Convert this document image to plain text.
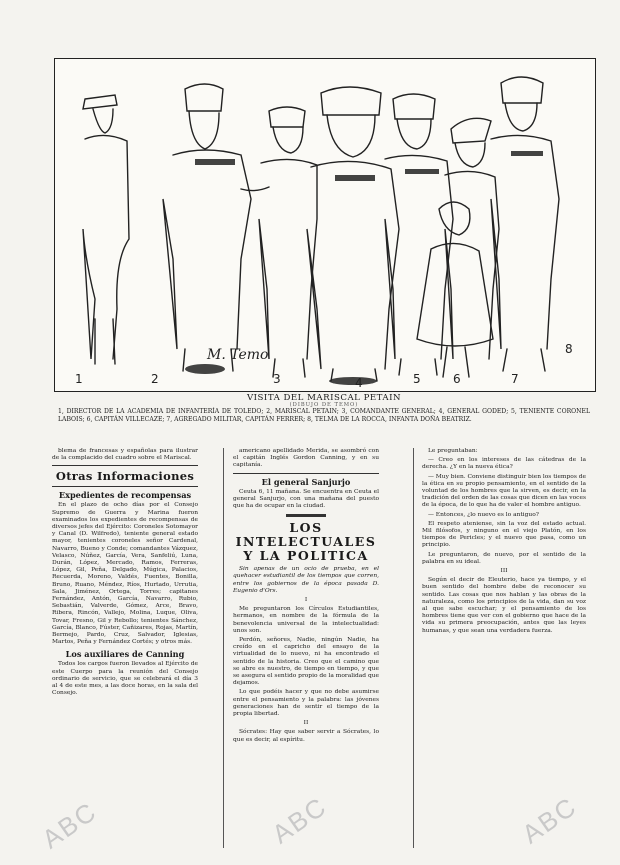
ABC	ABC	ABC
M. Temo
1	2	3	4	5	6	7
8
VISITA DEL MARISCAL PETAIN
(DIBUJO DE TEMO)
1, DIRECTOR DE LA ACADEMIA DE INFANTERÍA DE TOLEDO; 2, MARISCAL PETAIN; 3, COMANDANTE GENERAL; 4, GENERAL GODED; 5, TENIENTE CORONEL LABOIS; 6, CAPITÁN VILLECAZE; 7, AGREGADO MILITAR, CAPITÁN FERRER; 8, TELMA DE LA ROCCA, INFANTA DOÑA BEATRIZ.

blema de francesas y españolas para ilustrar de la complacido del cuadro sobre el Mariscal.

Otras Informaciones
Expedientes de recompensas

En el plazo de ocho días por el Consejo Supremo de Guerra y Marina fueron examinados los expedientes de recompensas de diversos jefes del Ejército: Coroneles Sotomayor y Canal (D. Wilfredo), teniente general estado mayor, tenientes coroneles señor Cardenal, Navarro, Bueno y Conde; comandantes Vázquez, Velasco, Núñez, García, Vera, Sanfeliú, Luna, Durán, López, Mercado, Ramos, Ferreras, López, Gil, Peña, Delgado, Múgica, Palacios, Recuerda, Moreno, Valdés, Fuentes, Bonilla, Bruno, Ruano, Méndez, Ríos, Hurtado, Urrutia, Sala, Jiménez, Ortega, Torres; capitanes Fernández, Antón, García, Navarro, Rubio, Sebastián, Valverde, Gómez, Arce, Bravo, Ribera, Rincón, Vallejo, Molina, Luque, Oliva, Tovar, Fresno, Gil y Rebollo; tenientes Sánchez, García, Blanco, Fúster, Cañizares, Rojas, Martín, Bermejo, Pardo, Cruz, Salvador, Iglesias, Martos, Peña y Fernández Cortés; y otros más.

Los auxiliares de Canning

Todos los cargos fueron llevados al Ejército de este Cuerpo para la reunión del Consejo ordinario de servicio, que se celebrará el día 3 al 4 de este mes, a las doce horas, en la sala del Consejo.

americano apellidado Merida, se asombró con el capitán Inglés Gordon Canning, y en su capitanía.

El general Sanjurjo

Ceuta 6, 11 mañana. Se encuentra en Ceuta el general Sanjurjo, con una mañana del puesto que ha de ocupar en la ciudad.

LOS INTELECTUALES
Y LA POLITICA

Sin apenas de un ocio de prueba, en el quehacer estudiantil de los tiempos que corren, entre los gobiernos de la época pasada D. Eugenio d'Ors.

I

Me preguntaron los Círculos Estudiantiles, hermanos, en nombre de la fórmula de la benevolencia universal de la intelectualidad: unos son.

Perdón, señores, Nadie, ningún Nadie, ha creído en el capricho del ensayo de la virtualidad de lo nuevo, ni ha encontrado el sentido de la historia. Creo que el camino que se abre es nuestro, de tiempo en tiempo, y que se asegura el sentido propio de la moralidad que dejamos.

Lo que podéis hacer y que no debe asumirse entre el pensamiento y la palabra: las jóvenes generaciones han de sentir el tiempo de la propia libertad.

II

Sócrates: Hay que saber servir a Sócrates, lo que es decir, al espíritu.

Le preguntaban:

— Creo en los intereses de las cátedras de la derecha. ¿Y en la nueva ética?

— Muy bien. Conviene distinguir bien los tiempos de la ética en su propio pensamiento, en el sentido de la voluntad de los hombres que la sirven, es decir, en la tradición del orden de las cosas que dicen en las voces de la época, de lo que ha de valer el hombre antiguo.

— Entonces, ¿lo nuevo es lo antiguo?

El respeto ateniense, sin la voz del estado actual. Mil filósofos, y ninguno en el viejo Platón, en los tiempos de Pericles; y el nuevo que pasa, como un principio.

Le preguntaron, de nuevo, por el sentido de la palabra en su ideal.

III

Según el decir de Eleuterio, hace ya tiempo, y el buen sentido del hombre debe de reconocer su sentido. Las cosas que nos hablan y las obras de la naturaleza, como los principios de la vida, dan su voz al que sabe escuchar; y el pensamiento de los hombres tiene que ver con el gobierno que hace de la vida su primera preocupación, antes que las leyes humanas, y que sean una verdadera fuerza.
